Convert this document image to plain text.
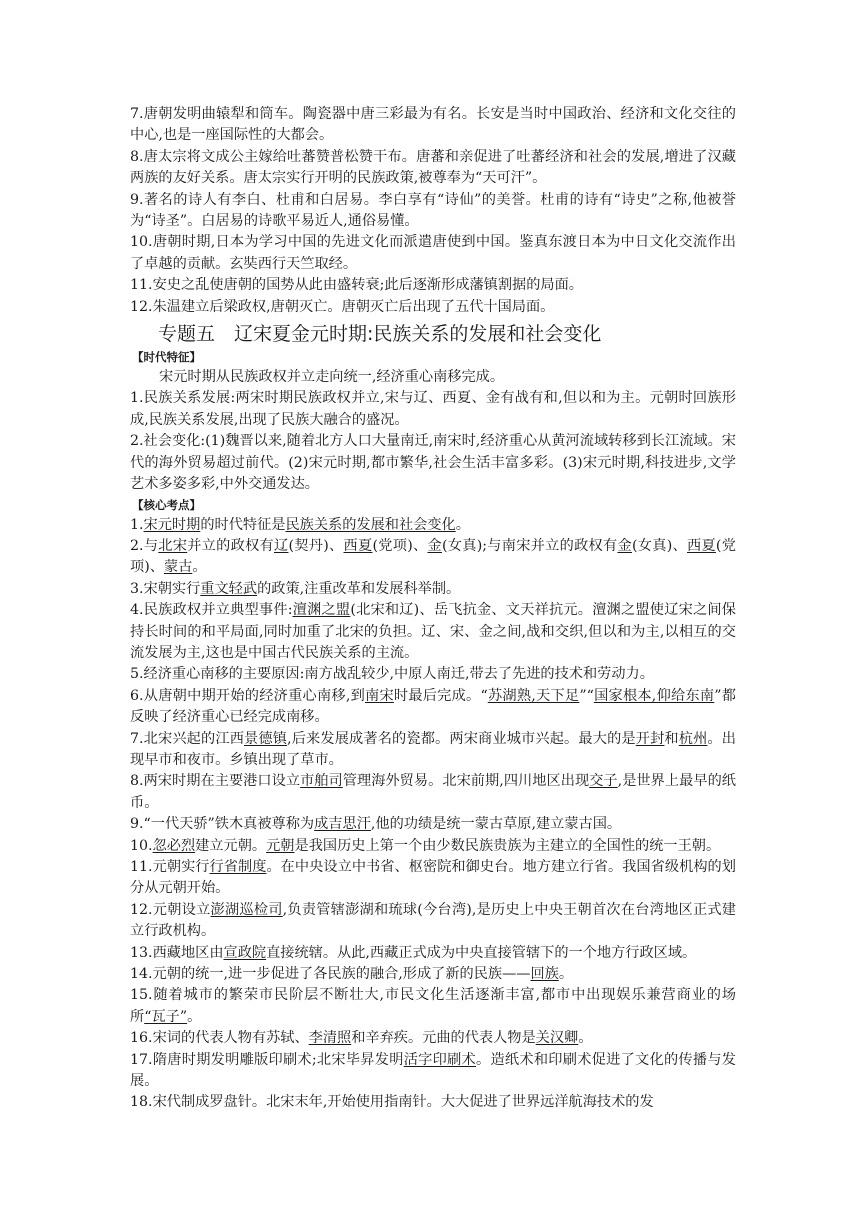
7.唐朝发明曲辕犁和筒车。陶瓷器中唐三彩最为有名。长安是当时中国政治、经济和文化交往的中心,也是一座国际性的大都会。

8.唐太宗将文成公主嫁给吐蕃赞普松赞干布。唐蕃和亲促进了吐蕃经济和社会的发展,增进了汉藏两族的友好关系。唐太宗实行开明的民族政策,被尊奉为“天可汗”。

9.著名的诗人有李白、杜甫和白居易。李白享有“诗仙”的美誉。杜甫的诗有“诗史”之称,他被誉为“诗圣”。白居易的诗歌平易近人,通俗易懂。

10.唐朝时期,日本为学习中国的先进文化而派遣唐使到中国。鉴真东渡日本为中日文化交流作出了卓越的贡献。玄奘西行天竺取经。

11.安史之乱使唐朝的国势从此由盛转衰;此后逐渐形成藩镇割据的局面。

12.朱温建立后梁政权,唐朝灭亡。唐朝灭亡后出现了五代十国局面。

专题五　辽宋夏金元时期:民族关系的发展和社会变化
【时代特征】

宋元时期从民族政权并立走向统一,经济重心南移完成。

1.民族关系发展:两宋时期民族政权并立,宋与辽、西夏、金有战有和,但以和为主。元朝时回族形成,民族关系发展,出现了民族大融合的盛况。

2.社会变化:(1)魏晋以来,随着北方人口大量南迁,南宋时,经济重心从黄河流域转移到长江流域。宋代的海外贸易超过前代。(2)宋元时期,都市繁华,社会生活丰富多彩。(3)宋元时期,科技进步,文学艺术多姿多彩,中外交通发达。

【核心考点】

1.宋元时期的时代特征是民族关系的发展和社会变化。

2.与北宋并立的政权有辽(契丹)、西夏(党项)、金(女真);与南宋并立的政权有金(女真)、西夏(党项)、蒙古。

3.宋朝实行重文轻武的政策,注重改革和发展科举制。

4.民族政权并立典型事件:澶渊之盟(北宋和辽)、岳飞抗金、文天祥抗元。澶渊之盟使辽宋之间保持长时间的和平局面,同时加重了北宋的负担。辽、宋、金之间,战和交织,但以和为主,以相互的交流发展为主,这也是中国古代民族关系的主流。

5.经济重心南移的主要原因:南方战乱较少,中原人南迁,带去了先进的技术和劳动力。

6.从唐朝中期开始的经济重心南移,到南宋时最后完成。“苏湖熟,天下足”“国家根本,仰给东南”都反映了经济重心已经完成南移。

7.北宋兴起的江西景德镇,后来发展成著名的瓷都。两宋商业城市兴起。最大的是开封和杭州。出现早市和夜市。乡镇出现了草市。

8.两宋时期在主要港口设立市舶司管理海外贸易。北宋前期,四川地区出现交子,是世界上最早的纸币。

9.“一代天骄”铁木真被尊称为成吉思汗,他的功绩是统一蒙古草原,建立蒙古国。

10.忽必烈建立元朝。元朝是我国历史上第一个由少数民族贵族为主建立的全国性的统一王朝。

11.元朝实行行省制度。在中央设立中书省、枢密院和御史台。地方建立行省。我国省级机构的划分从元朝开始。

12.元朝设立澎湖巡检司,负责管辖澎湖和琉球(今台湾),是历史上中央王朝首次在台湾地区正式建立行政机构。

13.西藏地区由宣政院直接统辖。从此,西藏正式成为中央直接管辖下的一个地方行政区域。

14.元朝的统一,进一步促进了各民族的融合,形成了新的民族——回族。

15.随着城市的繁荣市民阶层不断壮大,市民文化生活逐渐丰富,都市中出现娱乐兼营商业的场所“瓦子”。

16.宋词的代表人物有苏轼、李清照和辛弃疾。元曲的代表人物是关汉卿。

17.隋唐时期发明雕版印刷术;北宋毕昇发明活字印刷术。造纸术和印刷术促进了文化的传播与发展。

18.宋代制成罗盘针。北宋末年,开始使用指南针。大大促进了世界远洋航海技术的发
